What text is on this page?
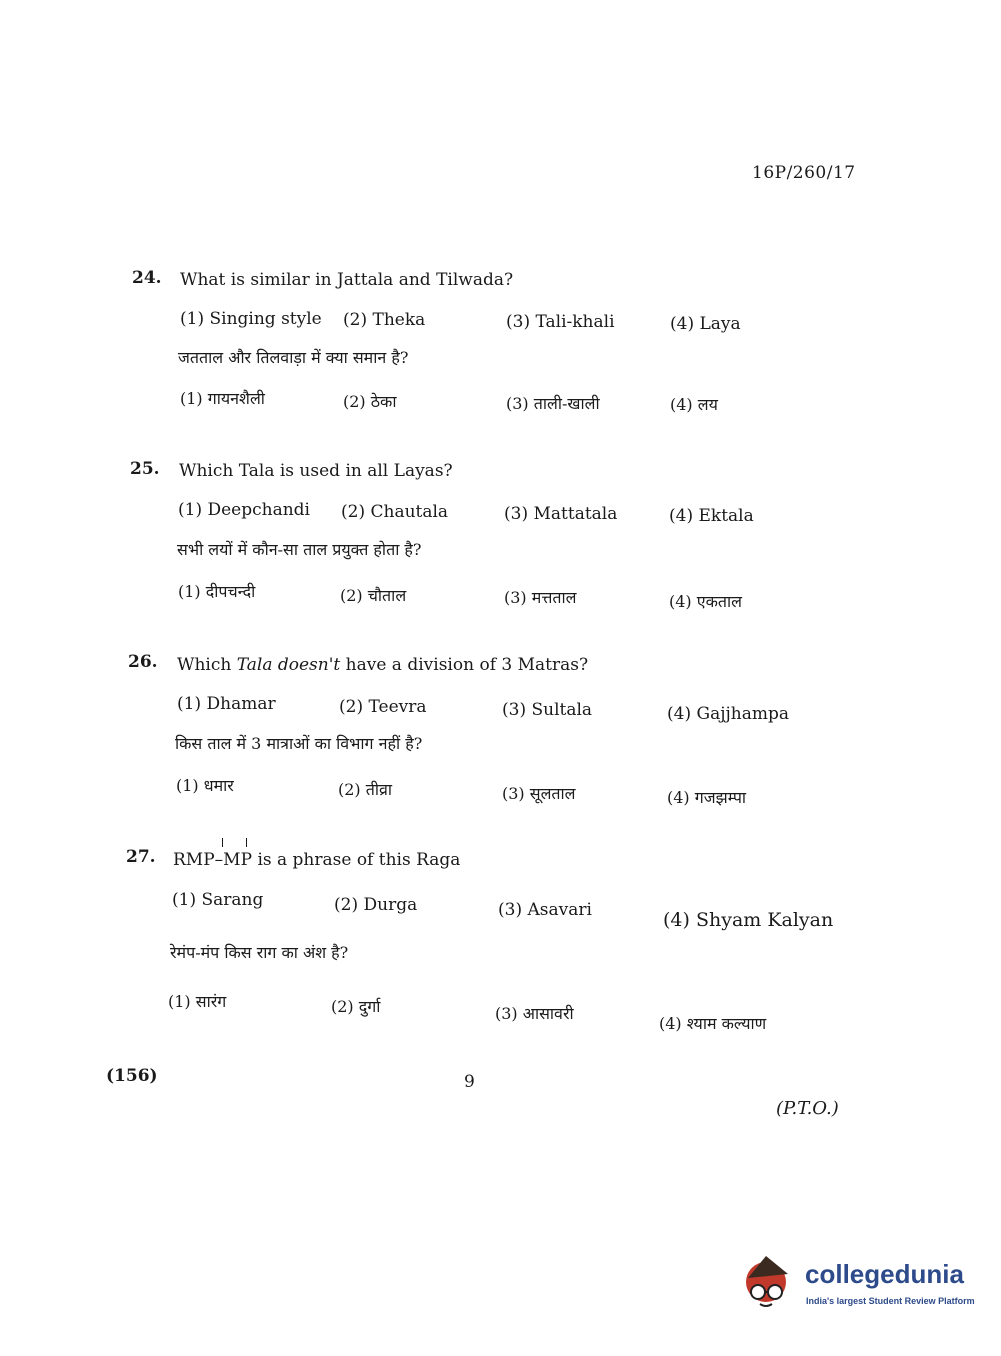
16P/260/17
24. What is similar in Jattala and Tilwada?
(1) Singing style (2) Theka	(3) Tali-khali	(4) Laya
जतताल और तिलवाड़ा में क्या समान है?
(1) गायनशैली	(2) ठेका	(3) ताली-खाली	(4) लय
25. Which Tala is used in all Layas?
(1) Deepchandi (2) Chautala	(3) Mattatala	(4) Ektala
सभी लयों में कौन-सा ताल प्रयुक्त होता है?
(1) दीपचन्दी	(2) चौताल	(3) मत्तताल	(4) एकताल
26. Which Tala doesn't have a division of 3 Matras?
(1) Dhamar	(2) Teevra	(3) Sultala	(4) Gajjhampa
किस ताल में 3 मात्राओं का विभाग नहीं है?
(1) धमार	(2) तीव्रा	(3) सूलताल	(4) गजझम्पा
27. RMP–MP is a phrase of this Raga
(1) Sarang	(2) Durga	(3) Asavari	(4) Shyam Kalyan
रेमंप-मंप किस राग का अंश है?
(1) सारंग	(2) दुर्गा	(3) आसावरी
(4) श्याम कल्याण
(156)	9
(P.T.O.)
collegedunia
India's largest Student Review Platform
